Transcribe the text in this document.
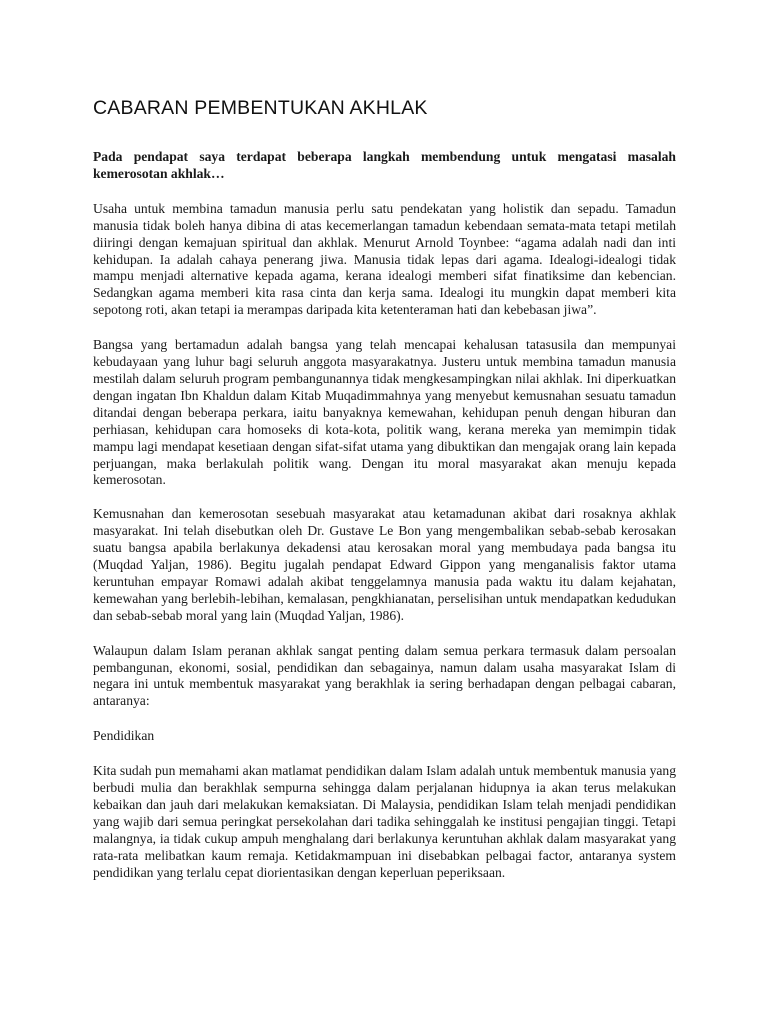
CABARAN PEMBENTUKAN AKHLAK

Pada pendapat saya terdapat beberapa langkah membendung untuk mengatasi masalah kemerosotan akhlak…

Usaha untuk membina tamadun manusia perlu satu pendekatan yang holistik dan sepadu. Tamadun manusia tidak boleh hanya dibina di atas kecemerlangan tamadun kebendaan semata-mata tetapi metilah diiringi dengan kemajuan spiritual dan akhlak. Menurut Arnold Toynbee: “agama adalah nadi dan inti kehidupan. Ia adalah cahaya penerang jiwa. Manusia tidak lepas dari agama. Idealogi-idealogi tidak mampu menjadi alternative kepada agama, kerana idealogi memberi sifat finatiksime dan kebencian. Sedangkan agama memberi kita rasa cinta dan kerja sama. Idealogi itu mungkin dapat memberi kita sepotong roti, akan tetapi ia merampas daripada kita ketenteraman hati dan kebebasan jiwa”.

Bangsa yang bertamadun adalah bangsa yang telah mencapai kehalusan tatasusila dan mempunyai kebudayaan yang luhur bagi seluruh anggota masyarakatnya. Justeru untuk membina tamadun manusia mestilah dalam seluruh program pembangunannya tidak mengkesampingkan nilai akhlak. Ini diperkuatkan dengan ingatan Ibn Khaldun dalam Kitab Muqadimmahnya yang menyebut kemusnahan sesuatu tamadun ditandai dengan beberapa perkara, iaitu banyaknya kemewahan, kehidupan penuh dengan hiburan dan perhiasan, kehidupan cara homoseks di kota-kota, politik wang, kerana mereka yan memimpin tidak mampu lagi mendapat kesetiaan dengan sifat-sifat utama yang dibuktikan dan mengajak orang lain kepada perjuangan, maka berlakulah politik wang. Dengan itu moral masyarakat akan menuju kepada kemerosotan.

Kemusnahan dan kemerosotan sesebuah masyarakat atau ketamadunan akibat dari rosaknya akhlak masyarakat. Ini telah disebutkan oleh Dr. Gustave Le Bon yang mengembalikan sebab-sebab kerosakan suatu bangsa apabila berlakunya dekadensi atau kerosakan moral yang membudaya pada bangsa itu (Muqdad Yaljan, 1986). Begitu jugalah pendapat Edward Gippon yang menganalisis faktor utama keruntuhan empayar Romawi adalah akibat tenggelamnya manusia pada waktu itu dalam kejahatan, kemewahan yang berlebih-lebihan, kemalasan, pengkhianatan, perselisihan untuk mendapatkan kedudukan dan sebab-sebab moral yang lain (Muqdad Yaljan, 1986).

Walaupun dalam Islam peranan akhlak sangat penting dalam semua perkara termasuk dalam persoalan pembangunan, ekonomi, sosial, pendidikan dan sebagainya, namun dalam usaha masyarakat Islam di negara ini untuk membentuk masyarakat yang berakhlak ia sering berhadapan dengan pelbagai cabaran, antaranya:

Pendidikan

Kita sudah pun memahami akan matlamat pendidikan dalam Islam adalah untuk membentuk manusia yang berbudi mulia dan berakhlak sempurna sehingga dalam perjalanan hidupnya ia akan terus melakukan kebaikan dan jauh dari melakukan kemaksiatan. Di Malaysia, pendidikan Islam telah menjadi pendidikan yang wajib dari semua peringkat persekolahan dari tadika sehinggalah ke institusi pengajian tinggi. Tetapi malangnya, ia tidak cukup ampuh menghalang dari berlakunya keruntuhan akhlak dalam masyarakat yang rata-rata melibatkan kaum remaja. Ketidakmampuan ini disebabkan pelbagai factor, antaranya system pendidikan yang terlalu cepat diorientasikan dengan keperluan peperiksaan.
